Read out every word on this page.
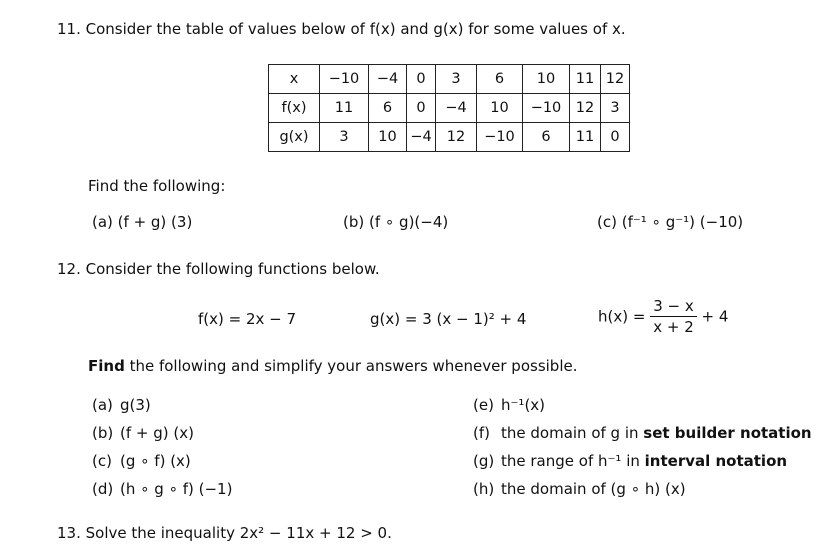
11. Consider the table of values below of f(x) and g(x) for some values of x.
x	−10	−4	0	3	6	10	11	12
f(x)	11	6	0	−4	10	−10	12	3
g(x)	3	10	−4	12	−10	6	11	0
Find the following:
(a) (f + g) (3)	(b) (f ∘ g)(−4)	(c) (f⁻¹ ∘ g⁻¹) (−10)
12. Consider the following functions below.
f(x) = 2x − 7	g(x) = 3 (x − 1)² + 4	$h(x) = \frac{3 - x}{x + 2} + 4$
Find the following and simplify your answers whenever possible.
(a) g(3)
(b) (f + g) (x)
(c) (g ∘ f) (x)
(d) (h ∘ g ∘ f) (−1)
(e) h⁻¹(x)
(f) the domain of g in set builder notation
(g) the range of h⁻¹ in interval notation
(h) the domain of (g ∘ h) (x)
13. Solve the inequality 2x² − 11x + 12 > 0.
